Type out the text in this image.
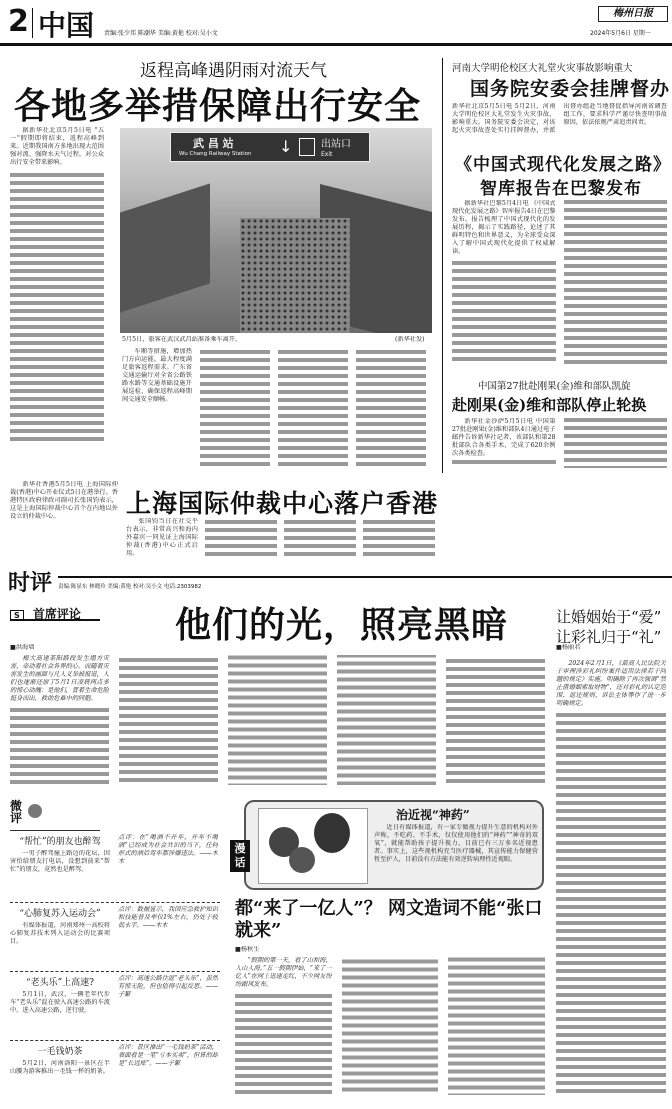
2 中国 责编:张少邦 陈潮华 美编:黄艳 校对:吴小文
梅州日报
2024年5月6日 星期一
返程高峰遇阴雨对流天气
各地多举措保障出行安全

据新华社北京5月5日电 "五一"假期即将结束，返程高峰到来。近期我国南方多地出现大范围强对流、强降水天气过程，对公众出行安全带来影响。

武 昌 站
Wu Chang Railway Station ↓	出站口
Exit
5月5日，旅客在武汉武昌站准备乘车离开。	(新华社发)

车厢等措施，增加热门方向运能。最大程度满足旅客返程需求。广东省交通运输厅对全省公路铁路水路等交通基础设施开展巡检，确保返程高峰期间交通安全顺畅。

河南大学明伦校区大礼堂火灾事故影响重大
国务院安委会挂牌督办
新华社北京5月5日电 5月2日，河南大学明伦校区大礼堂发生火灾事故，影响重大。国务院安委会决定，对该起火灾事故查处实行挂牌督办，并派出督办组赴当地督促指导河南省调查组工作，要求科学严谨尽快查明事故原因，依法依规严肃追责问责。
《中国式现代化发展之路》
智库报告在巴黎发布

据新华社巴黎5月4日电 《中国式现代化发展之路》智库报告4日在巴黎发布。报告梳理了中国式现代化的发展历程，揭示了实践路径，论述了其鲜明特色和世界意义，为全球受众深入了解中国式现代化提供了权威解读。

中国第27批赴刚果(金)维和部队凯旋
赴刚果(金)维和部队停止轮换

新华社金沙萨5月5日电 中国第27批赴刚果(金)维和部队4日通过电子邮件告诉新华社记者，该部队和第28批部队合各类手术，完成了620余例次各类检查。

新华社香港5月5日电 上海国际仲裁(香港)中心开业仪式5日在港举行。香港特区政府律政司副司长张国钧表示，这是上海国际仲裁中心首个在内地以外设立的仲裁中心。	上海国际仲裁中心落户香港

张国钧当日在社交平台表示，非常高兴和海内外嘉宾一同见证上海国际仲裁(香港)中心正式启用。

时评 责编:陈显东 林晓玲 美编:黄艳 校对:吴小文 电话:2303982
S 首席评论	他们的光，照亮黑暗	让婚姻始于“爱”
让彩礼归于“礼”
■洪海墙

梅大高速茶阳路段发生塌方灾害，牵动着社会各界的心。而随着灾害发生的画面与凡人义举被报道，人们也逐渐还原了5月1日凌晨两点多的惊心动魄：是他们，冒着生命危险挺身而出，救助危难中的同胞。

■杨丽君

2024年2月1日，《最高人民法院关于审理涉彩礼纠纷案件适用法律若干问题的规定》实施。明确除了再次强调“禁止借婚姻索取财物”，还对彩礼的认定范围、返还规则、诉讼主体等作了进一步明确规定。

微评
“帮忙”的朋友也醉驾
一男子醉驾撞上路边的花坛，因害怕给朋友打电话，没想到前来“帮忙”的朋友，竟然也是醉驾。
点评：在“喝酒不开车，开车不喝酒”已经成为社会共识的当下，任何形式的酒后驾车都涉嫌违法。——木木
“心肺复苏入运动会”
有媒体报道，河南郑州一高校将心肺复苏技术列入运动会的比赛项目。
点评：数据显示，我国应急救护知识和技能普及率仅1%左右，仍处于较低水平。——木木
“老头乐”上高速?
5月1日，武汉，一辆老年代步车“老头乐”混在驶入高速公路的车流中，进入高速公路，逆行驶。
点评：高速公路往返“老头乐”，虽然有惊无险，但也值得引起反思。——子繁
一毛钱奶茶
5月2日，河南洛阳一景区在半山腰为游客推出一毛钱一杯的奶茶。
点评：景区推出“一毛钱奶茶”活动，表面看是一笔“亏本买卖”，但算的却是“长远账”。——子繁
漫
话
治近视“神药”
近日有媒体报道，有一家专做视力提升生意的机构对外声称，不吃药、不手术，仅仅使用他们的“神药”“神奇的双氧”，就能帮助孩子提升视力，目前已有三万多名近视患者。事实上，这些视机构充当医疗器械，其宣传能力保健营暂至护人，目前没有方法能有效逆转病理性近视眼。
都“来了一亿人”？ 网文造词不能“张口就来”
■杨秋生

“假期的第一天，看了山和海，人山人海。”五一假期伊始，“来了一亿人”在网上迅速走红，不少网友纷纷跟风发布。
